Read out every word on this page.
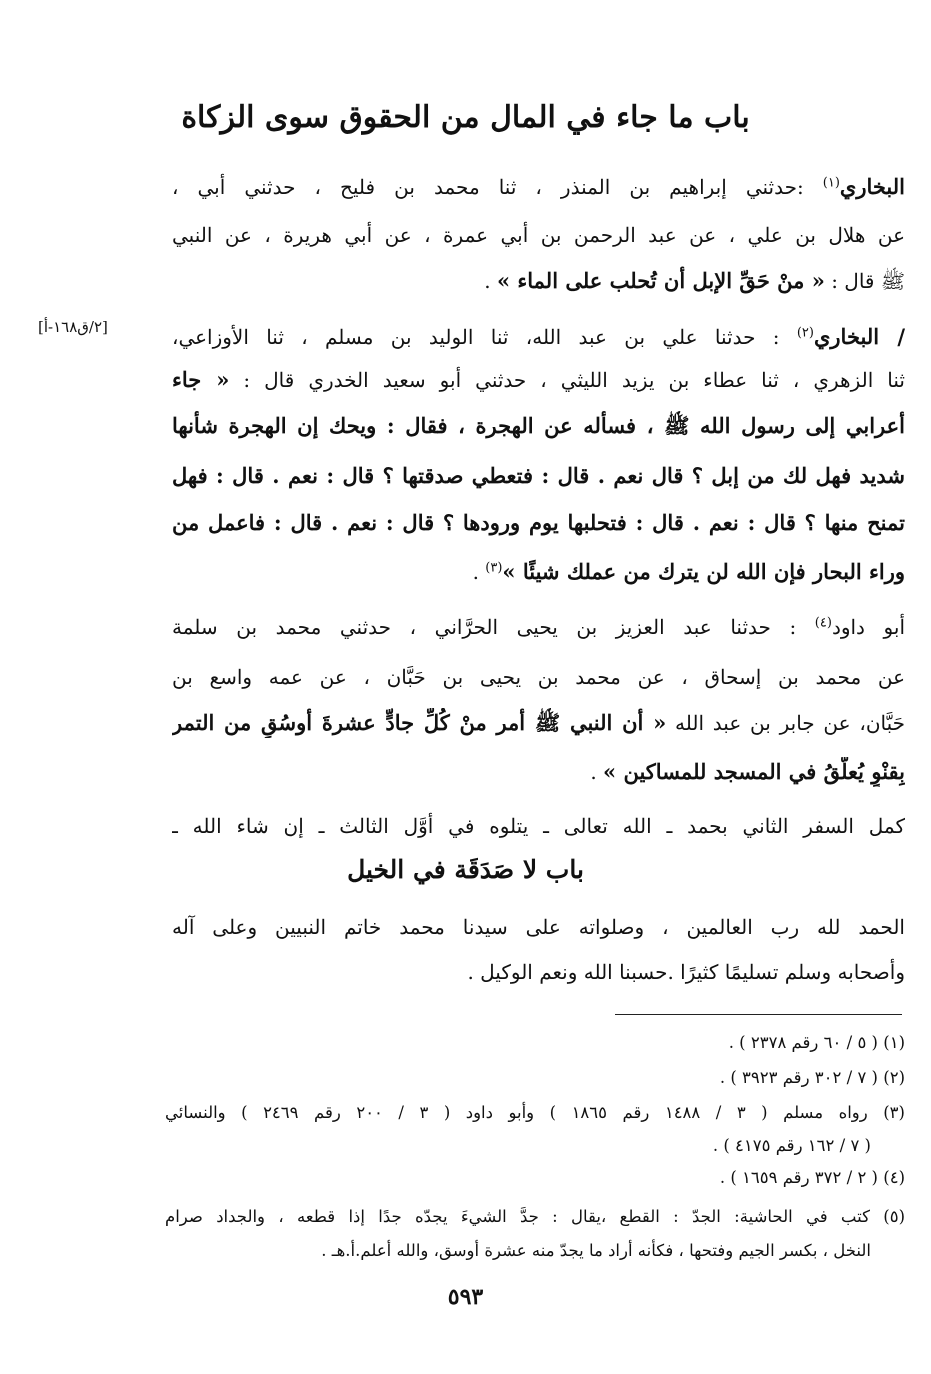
باب ما جاء في المال من الحقوق سوى الزكاة
[٢/ق١٦٨-أ]
البخاري$^{(١)}$ :حدثني إبراهيم بن المنذر ، ثنا محمد بن فليح ، حدثني أبي ،
عن هلال بن علي ، عن عبد الرحمن بن أبي عمرة ، عن أبي هريرة ، عن النبي
ﷺ قال : « منْ حَقِّ الإبل أن تُحلب على الماء » .
/ البخاري$^{(٢)}$ : حدثنا علي بن عبد الله، ثنا الوليد بن مسلم ، ثنا الأوزاعي،
ثنا الزهري ، ثنا عطاء بن يزيد الليثي ، حدثني أبو سعيد الخدري قال : « جاء
أعرابي إلى رسول الله ﷺ ، فسأله عن الهجرة ، فقال : ويحك إن الهجرة شأنها
شديد فهل لك من إبل ؟ قال نعم . قال : فتعطي صدقتها ؟ قال : نعم . قال : فهل
تمنح منها ؟ قال : نعم . قال : فتحلبها يوم ورودها ؟ قال : نعم . قال : فاعمل من
وراء البحار فإن الله لن يترك من عملك شيئًا »$^{(٣)}$ .
أبو داود$^{(٤)}$ : حدثنا عبد العزيز بن يحيى الحرَّاني ، حدثني محمد بن سلمة
عن محمد بن إسحاق ، عن محمد بن يحيى بن حَبَّان ، عن عمه واسع بن
حَبَّان، عن جابر بن عبد الله « أن النبي ﷺ أمر منْ كُلِّ جادٍّ عشرةَ أوسُقٍ من التمر
بِقنْوٍ يُعلَّقُ في المسجد للمساكين » .
كمل السفر الثاني بحمد ـ الله تعالى ـ يتلوه في أوَّل الثالث ـ إن شاء الله ـ
الحمد لله رب العالمين ، وصلواته على سيدنا محمد خاتم النبيين وعلى آله
وأصحابه وسلم تسليمًا كثيرًا .حسبنا الله ونعم الوكيل .
باب لا صَدَقَة في الخيل
(١) ( ٥ / ٦٠ رقم ٢٣٧٨ ) .
(٢) ( ٧ / ٣٠٢ رقم ٣٩٢٣ ) .
(٣) رواه مسلم ( ٣ / ١٤٨٨ رقم ١٨٦٥ ) وأبو داود ( ٣ / ٢٠٠ رقم ٢٤٦٩ ) والنسائي
( ٧ / ١٦٢ رقم ٤١٧٥ ) .
(٤) ( ٢ / ٣٧٢ رقم ١٦٥٩ ) .
(٥) كتب في الحاشية: الجدّ : القطع ،يقال : جدَّ الشيءَ يجدّه جدًا إذا قطعه ، والجداد صرام
النخل ، بكسر الجيم وفتحها ، فكأنه أراد ما يجدّ منه عشرة أوسق، والله أعلم.أ.هـ .
٥٩٣
